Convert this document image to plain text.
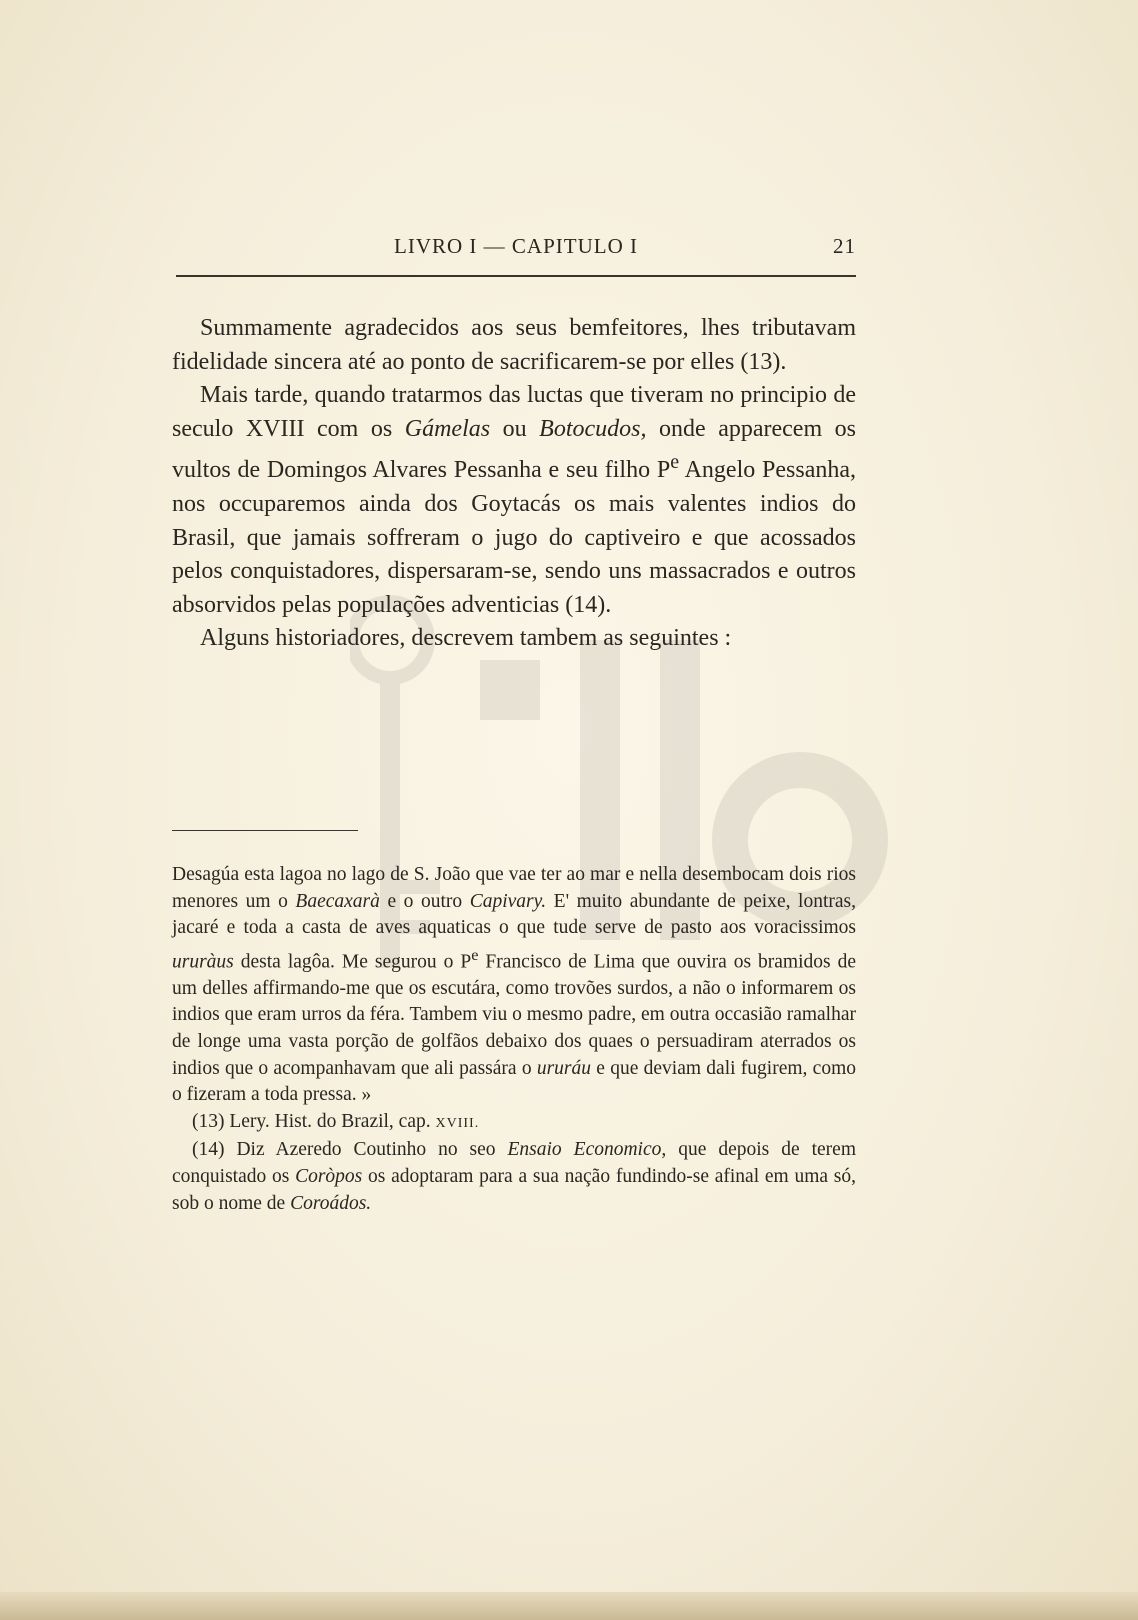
LIVRO I — CAPITULO I	21

Summamente agradecidos aos seus bemfeitores, lhes tributavam fidelidade sincera até ao ponto de sacrificarem-se por elles (13).

Mais tarde, quando tratarmos das luctas que tiveram no principio de seculo XVIII com os Gámelas ou Botocudos, onde apparecem os vultos de Domingos Alvares Pessanha e seu filho $P^e$ Angelo Pessanha, nos occuparemos ainda dos Goytacás os mais valentes indios do Brasil, que jamais soffreram o jugo do captiveiro e que acossados pelos conquistadores, dispersaram-se, sendo uns massacrados e outros absorvidos pelas populações adventicias (14).

Alguns historiadores, descrevem tambem as seguintes :

Desagúa esta lagoa no lago de S. João que vae ter ao mar e nella desembocam dois rios menores um o Baecaxarà e o outro Capivary. E' muito abundante de peixe, lontras, jacaré e toda a casta de aves aquaticas o que tude serve de pasto aos voracissimos ururàus desta lagôa. Me segurou o $P^e$ Francisco de Lima que ouvira os bramidos de um delles affirmando-me que os escutára, como trovões surdos, a não o informarem os indios que eram urros da féra. Tambem viu o mesmo padre, em outra occasião ramalhar de longe uma vasta porção de golfãos debaixo dos quaes o persuadiram aterrados os indios que o acompanhavam que ali passára o ururáu e que deviam dali fugirem, como o fizeram a toda pressa. »

(13) Lery. Hist. do Brazil, cap. XVIII.

(14) Diz Azeredo Coutinho no seo Ensaio Economico, que depois de terem conquistado os Coròpos os adoptaram para a sua nação fundindo-se afinal em uma só, sob o nome de Coroádos.
